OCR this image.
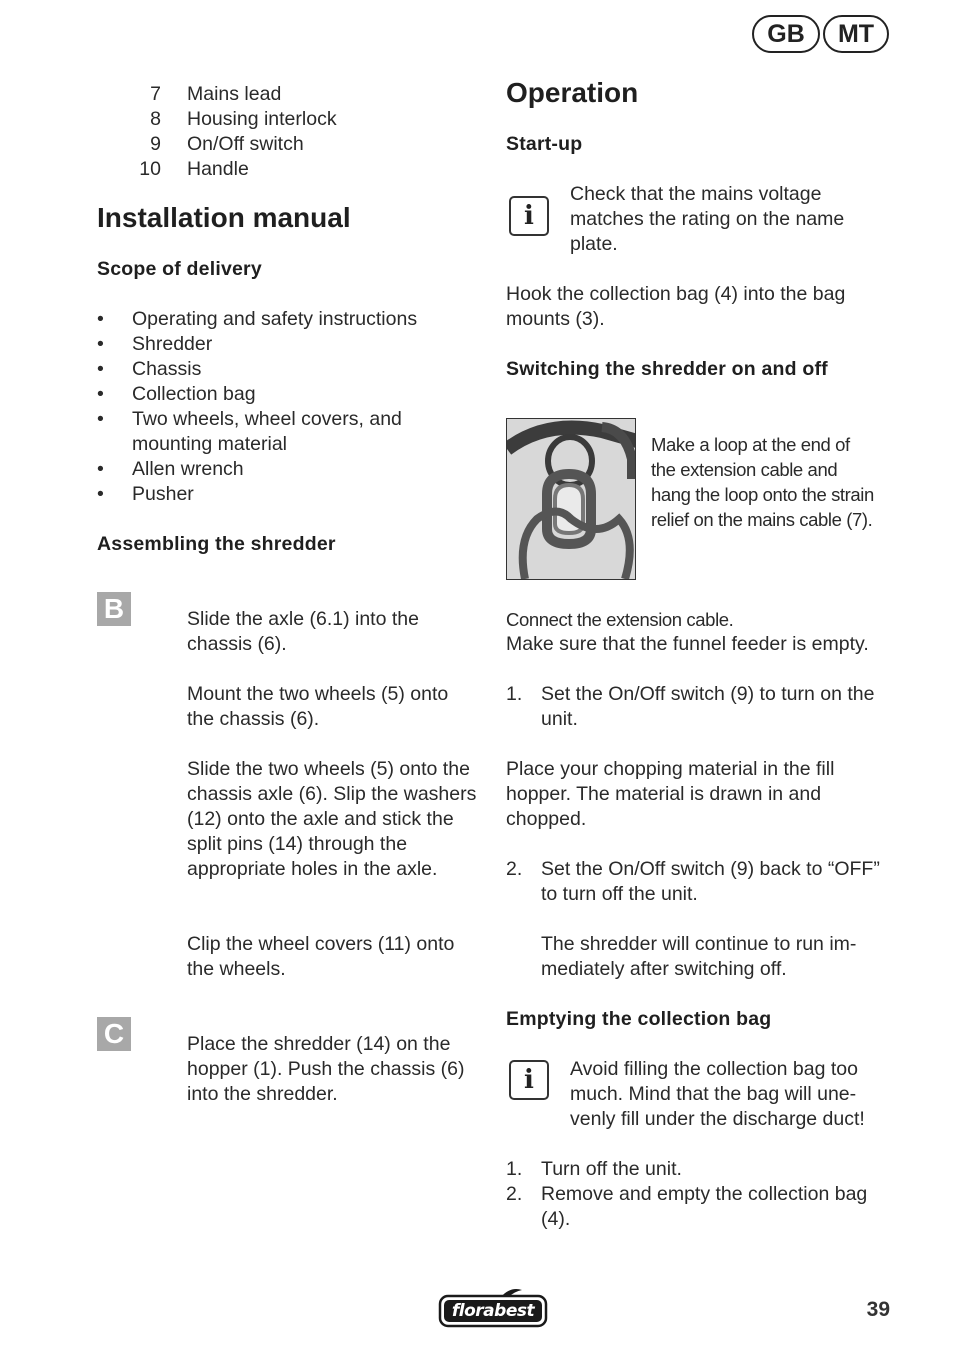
GB	MT
7 Mains lead
8 Housing interlock
9 On/Off switch
10 Handle
Installation manual
Scope of delivery
•	Operating and safety instructions
•	Shredder
•	Chassis
•	Collection bag
•	Two wheels, wheel covers, and mounting material
•	Allen wrench
•	Pusher
Assembling the shredder
B	Slide the axle (6.1) into the chassis (6).
Mount the two wheels (5) onto the chassis (6).
Slide the two wheels (5) onto the chassis axle (6). Slip the washers (12) onto the axle and stick the split pins (14) through the appropriate holes in the axle.
Clip the wheel covers (11) onto the wheels.
C	Place the shredder (14) on the hopper (1). Push the chassis (6) into the shredder.
Operation
Start-up
i
Check that the mains voltage matches the rating on the name plate.
Hook the collection bag (4) into the bag mounts (3).
Switching the shredder on and off
Make a loop at the end of the extension cable and hang the loop onto the strain relief on the mains cable (7).
Connect the extension cable.
Make sure that the funnel feeder is empty.
1. Set the On/Off switch (9) to turn on the unit.
Place your chopping material in the fill hopper. The material is drawn in and chopped.
2. Set the On/Off switch (9) back to “OFF” to turn off the unit.
The shredder will continue to run im-mediately after switching off.
Emptying the collection bag
i	Avoid filling the collection bag too much. Mind that the bag will une-venly fill under the discharge duct!
1. Turn off the unit.
2. Remove and empty the collection bag (4).
florabest	39
